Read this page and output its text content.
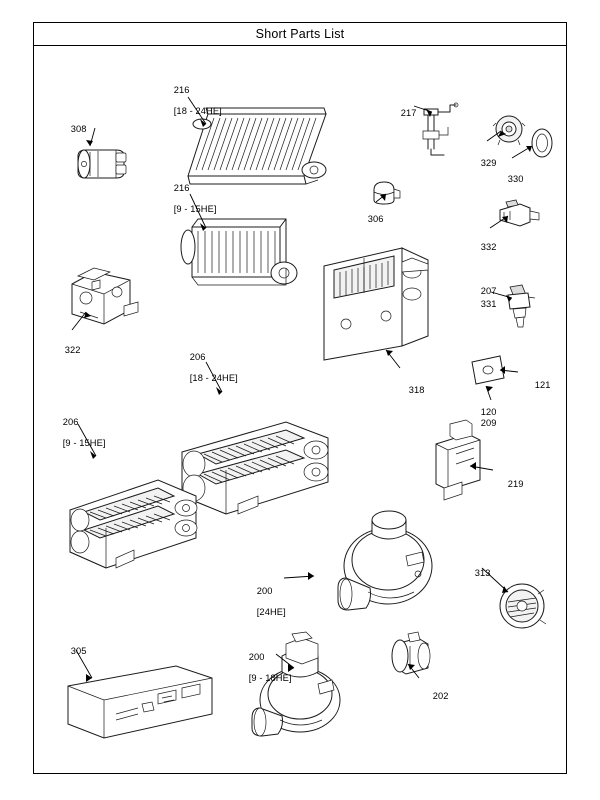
Short Parts List

216

[18 - 24HE]

308

217

329

330

216

[9 - 15HE]

306

332

207

331

322

206

[18 - 24HE]

318
	121

120

209

206

[9 - 15HE]

219

200

[24HE]

313

200

[9 - 18HE]

202

305
